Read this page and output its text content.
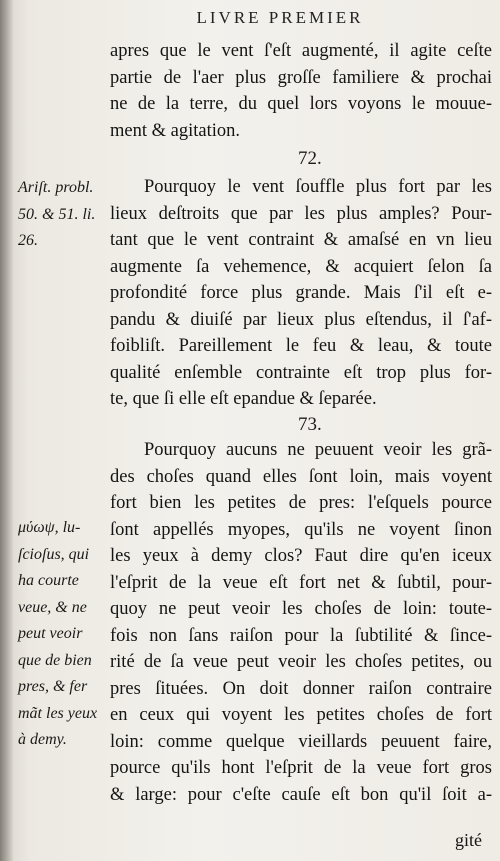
LIVRE PREMIER
apres que le vent ſ'eſt augmenté, il agite ceſte
partie de l'aer plus groſſe familiere & prochai
ne de la terre, du quel lors voyons le mouue-
ment & agitation.
72.
Ariſt. probl.
50. & 51. li.
26.
Pourquoy le vent ſouffle plus fort par les
lieux deſtroits que par les plus amples? Pour-
tant que le vent contraint & amaſsé en vn lieu
augmente ſa vehemence, & acquiert ſelon ſa
profondité force plus grande. Mais ſ'il eſt e-
pandu & diuiſé par lieux plus eſtendus, il ſ'af-
foibliſt. Pareillement le feu & leau, & toute
qualité enſemble contrainte eſt trop plus for-
te, que ſi elle eſt epandue & ſeparée.
73.
Pourquoy aucuns ne peuuent veoir les grã-
des choſes quand elles ſont loin, mais voyent
fort bien les petites de pres: l'eſquels pource
ſont appellés myopes, qu'ils ne voyent ſinon
les yeux à demy clos? Faut dire qu'en iceux
l'eſprit de la veue eſt fort net & ſubtil, pour-
quoy ne peut veoir les choſes de loin: toute-
fois non ſans raiſon pour la ſubtilité & ſince-
rité de ſa veue peut veoir les choſes petites, ou
pres ſituées. On doit donner raiſon contraire
en ceux qui voyent les petites choſes de fort
loin: comme quelque vieillards peuuent faire,
pource qu'ils hont l'eſprit de la veue fort gros
& large: pour c'eſte cauſe eſt bon qu'il ſoit a-
μύωψ, lu-
ſcioſus, qui
ha courte
veue, & ne
peut veoir
que de bien
pres, & fer
mãt les yeux
à demy.
gité
